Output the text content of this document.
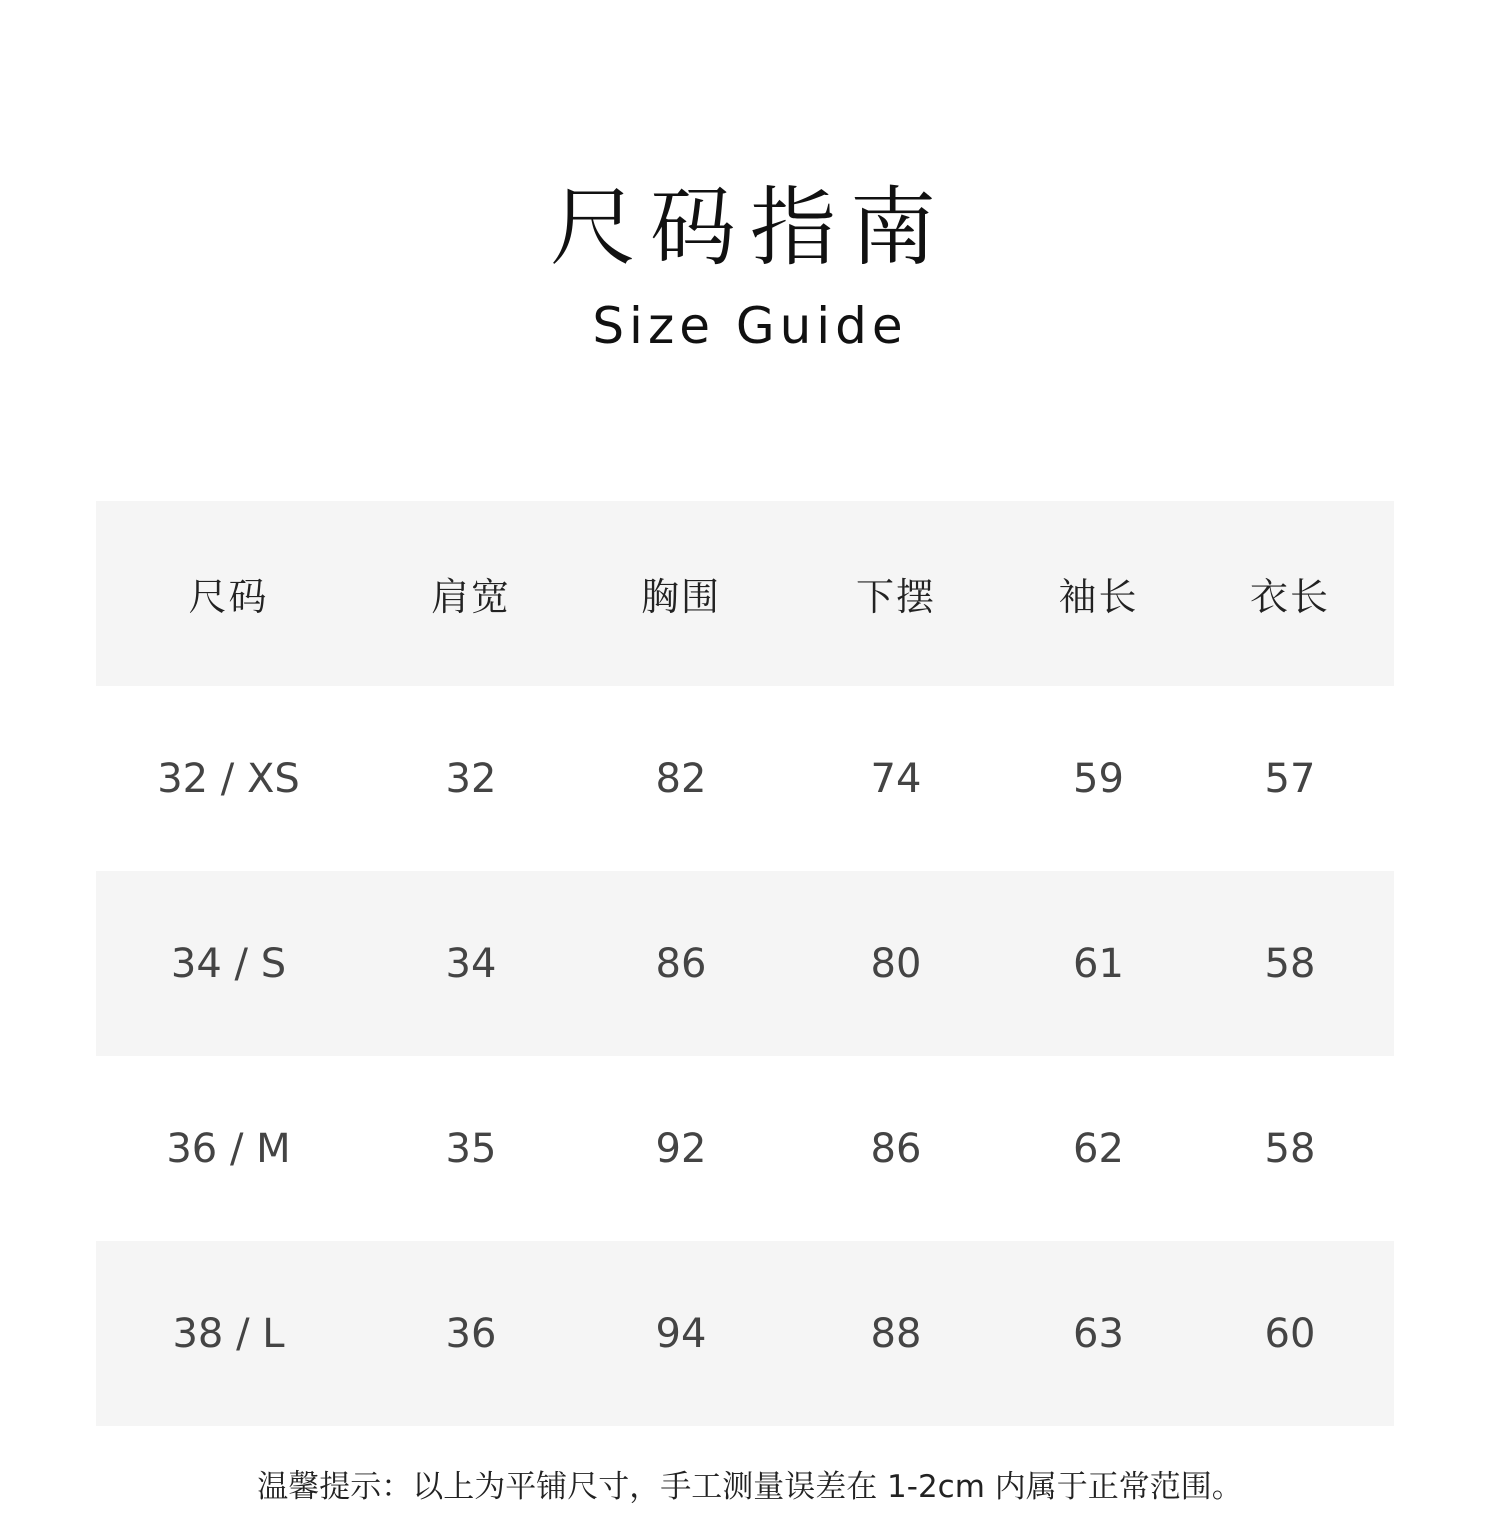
尺码指南
Size Guide
尺码	肩宽	胸围	下摆	袖长	衣长
32 / XS	32	82	74	59	57
34 / S	34	86	80	61	58
36 / M	35	92	86	62	58
38 / L	36	94	88	63	60
温馨提示：以上为平铺尺寸，手工测量误差在 1-2cm 内属于正常范围。
